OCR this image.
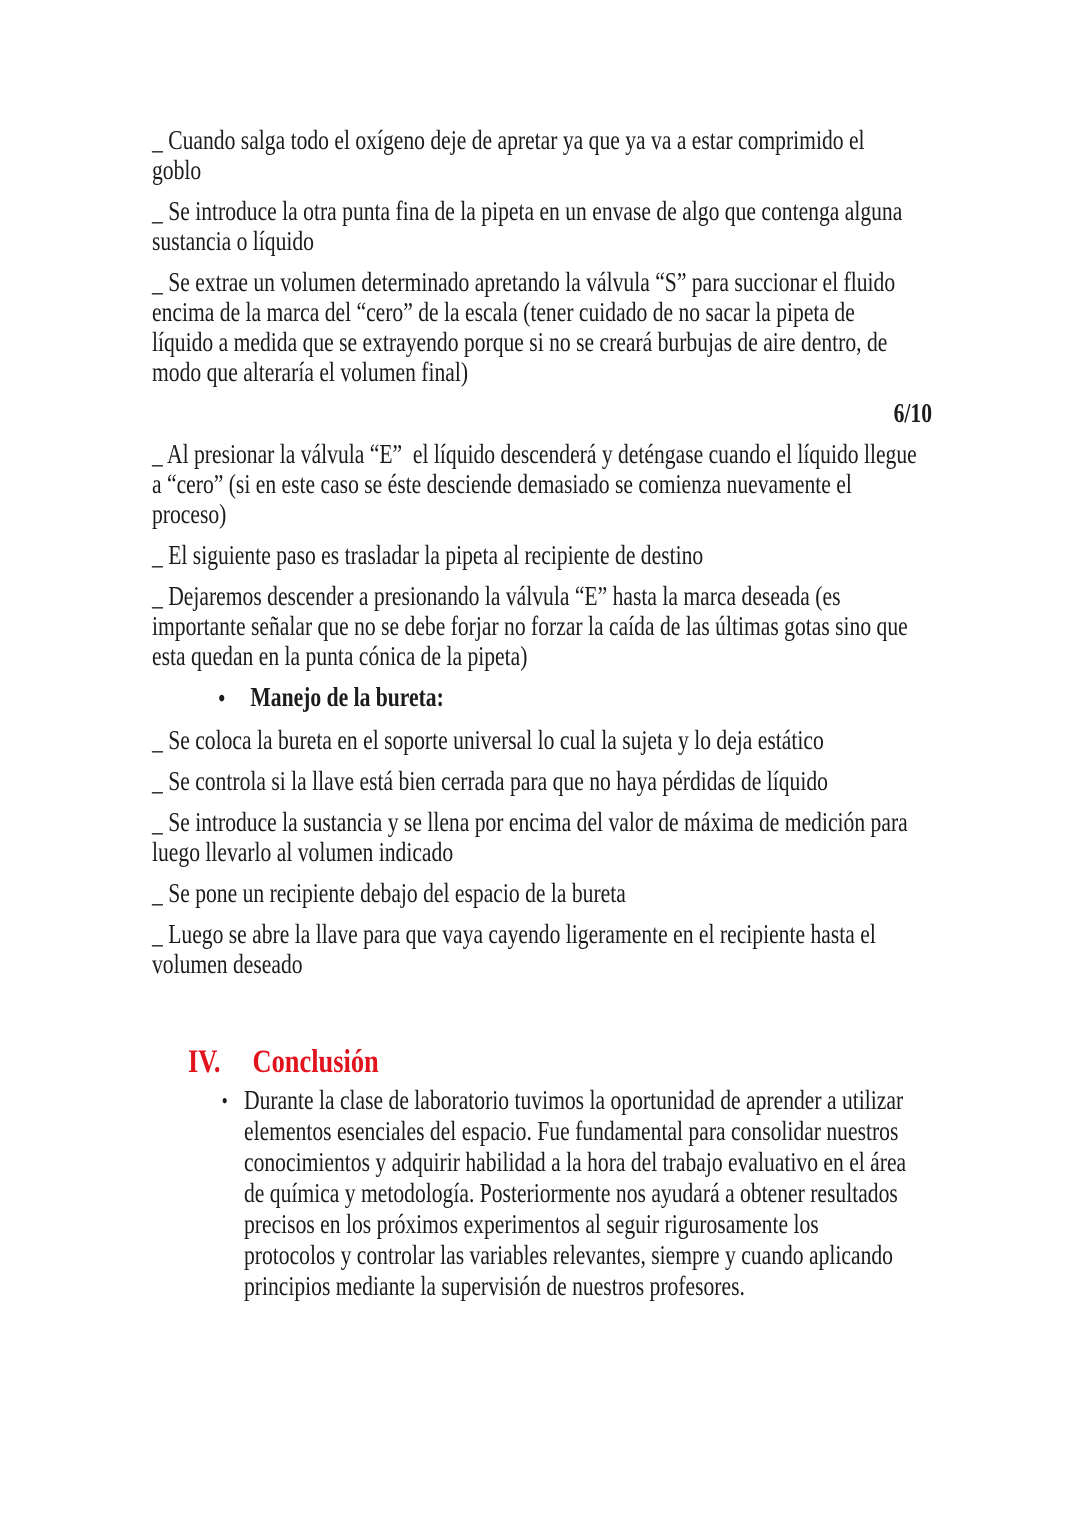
_ Cuando salga todo el oxígeno deje de apretar ya que ya va a estar comprimido el
goblo
_ Se introduce la otra punta fina de la pipeta en un envase de algo que contenga alguna
sustancia o líquido
_ Se extrae un volumen determinado apretando la válvula “S” para succionar el fluido
encima de la marca del “cero” de la escala (tener cuidado de no sacar la pipeta de
líquido a medida que se extrayendo porque si no se creará burbujas de aire dentro, de
modo que alteraría el volumen final)
6/10
_ Al presionar la válvula “E”  el líquido descenderá y deténgase cuando el líquido llegue
a “cero” (si en este caso se éste desciende demasiado se comienza nuevamente el
proceso)
_ El siguiente paso es trasladar la pipeta al recipiente de destino
_ Dejaremos descender a presionando la válvula “E” hasta la marca deseada (es
importante señalar que no se debe forjar no forzar la caída de las últimas gotas sino que
esta quedan en la punta cónica de la pipeta)
• Manejo de la bureta:
_ Se coloca la bureta en el soporte universal lo cual la sujeta y lo deja estático
_ Se controla si la llave está bien cerrada para que no haya pérdidas de líquido
_ Se introduce la sustancia y se llena por encima del valor de máxima de medición para
luego llevarlo al volumen indicado
_ Se pone un recipiente debajo del espacio de la bureta
_ Luego se abre la llave para que vaya cayendo ligeramente en el recipiente hasta el
volumen deseado
IV. Conclusión
• Durante la clase de laboratorio tuvimos la oportunidad de aprender a utilizar
elementos esenciales del espacio. Fue fundamental para consolidar nuestros
conocimientos y adquirir habilidad a la hora del trabajo evaluativo en el área
de química y metodología. Posteriormente nos ayudará a obtener resultados
precisos en los próximos experimentos al seguir rigurosamente los
protocolos y controlar las variables relevantes, siempre y cuando aplicando
principios mediante la supervisión de nuestros profesores.
